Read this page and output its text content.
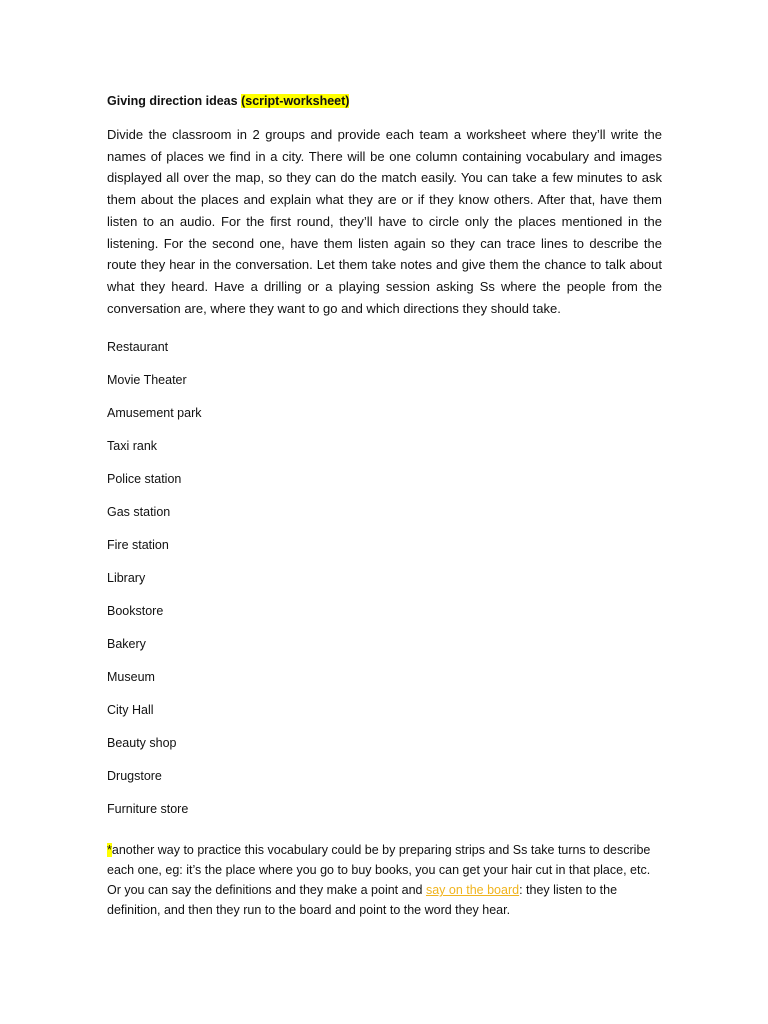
Giving direction ideas (script-worksheet)

Divide the classroom in 2 groups and provide each team a worksheet where they’ll write the names of places we find in a city. There will be one column containing vocabulary and images displayed all over the map, so they can do the match easily. You can take a few minutes to ask them about the places and explain what they are or if they know others. After that, have them listen to an audio. For the first round, they’ll have to circle only the places mentioned in the listening. For the second one, have them listen again so they can trace lines to describe the route they hear in the conversation. Let them take notes and give them the chance to talk about what they heard. Have a drilling or a playing session asking Ss where the people from the conversation are, where they want to go and which directions they should take.

Restaurant
Movie Theater
Amusement park
Taxi rank
Police station
Gas station
Fire station
Library
Bookstore
Bakery
Museum
City Hall
Beauty shop
Drugstore
Furniture store

*another way to practice this vocabulary could be by preparing strips and Ss take turns to describe each one, eg: it’s the place where you go to buy books, you can get your hair cut in that place, etc. Or you can say the definitions and they make a point and say on the board: they listen to the definition, and then they run to the board and point to the word they hear.
